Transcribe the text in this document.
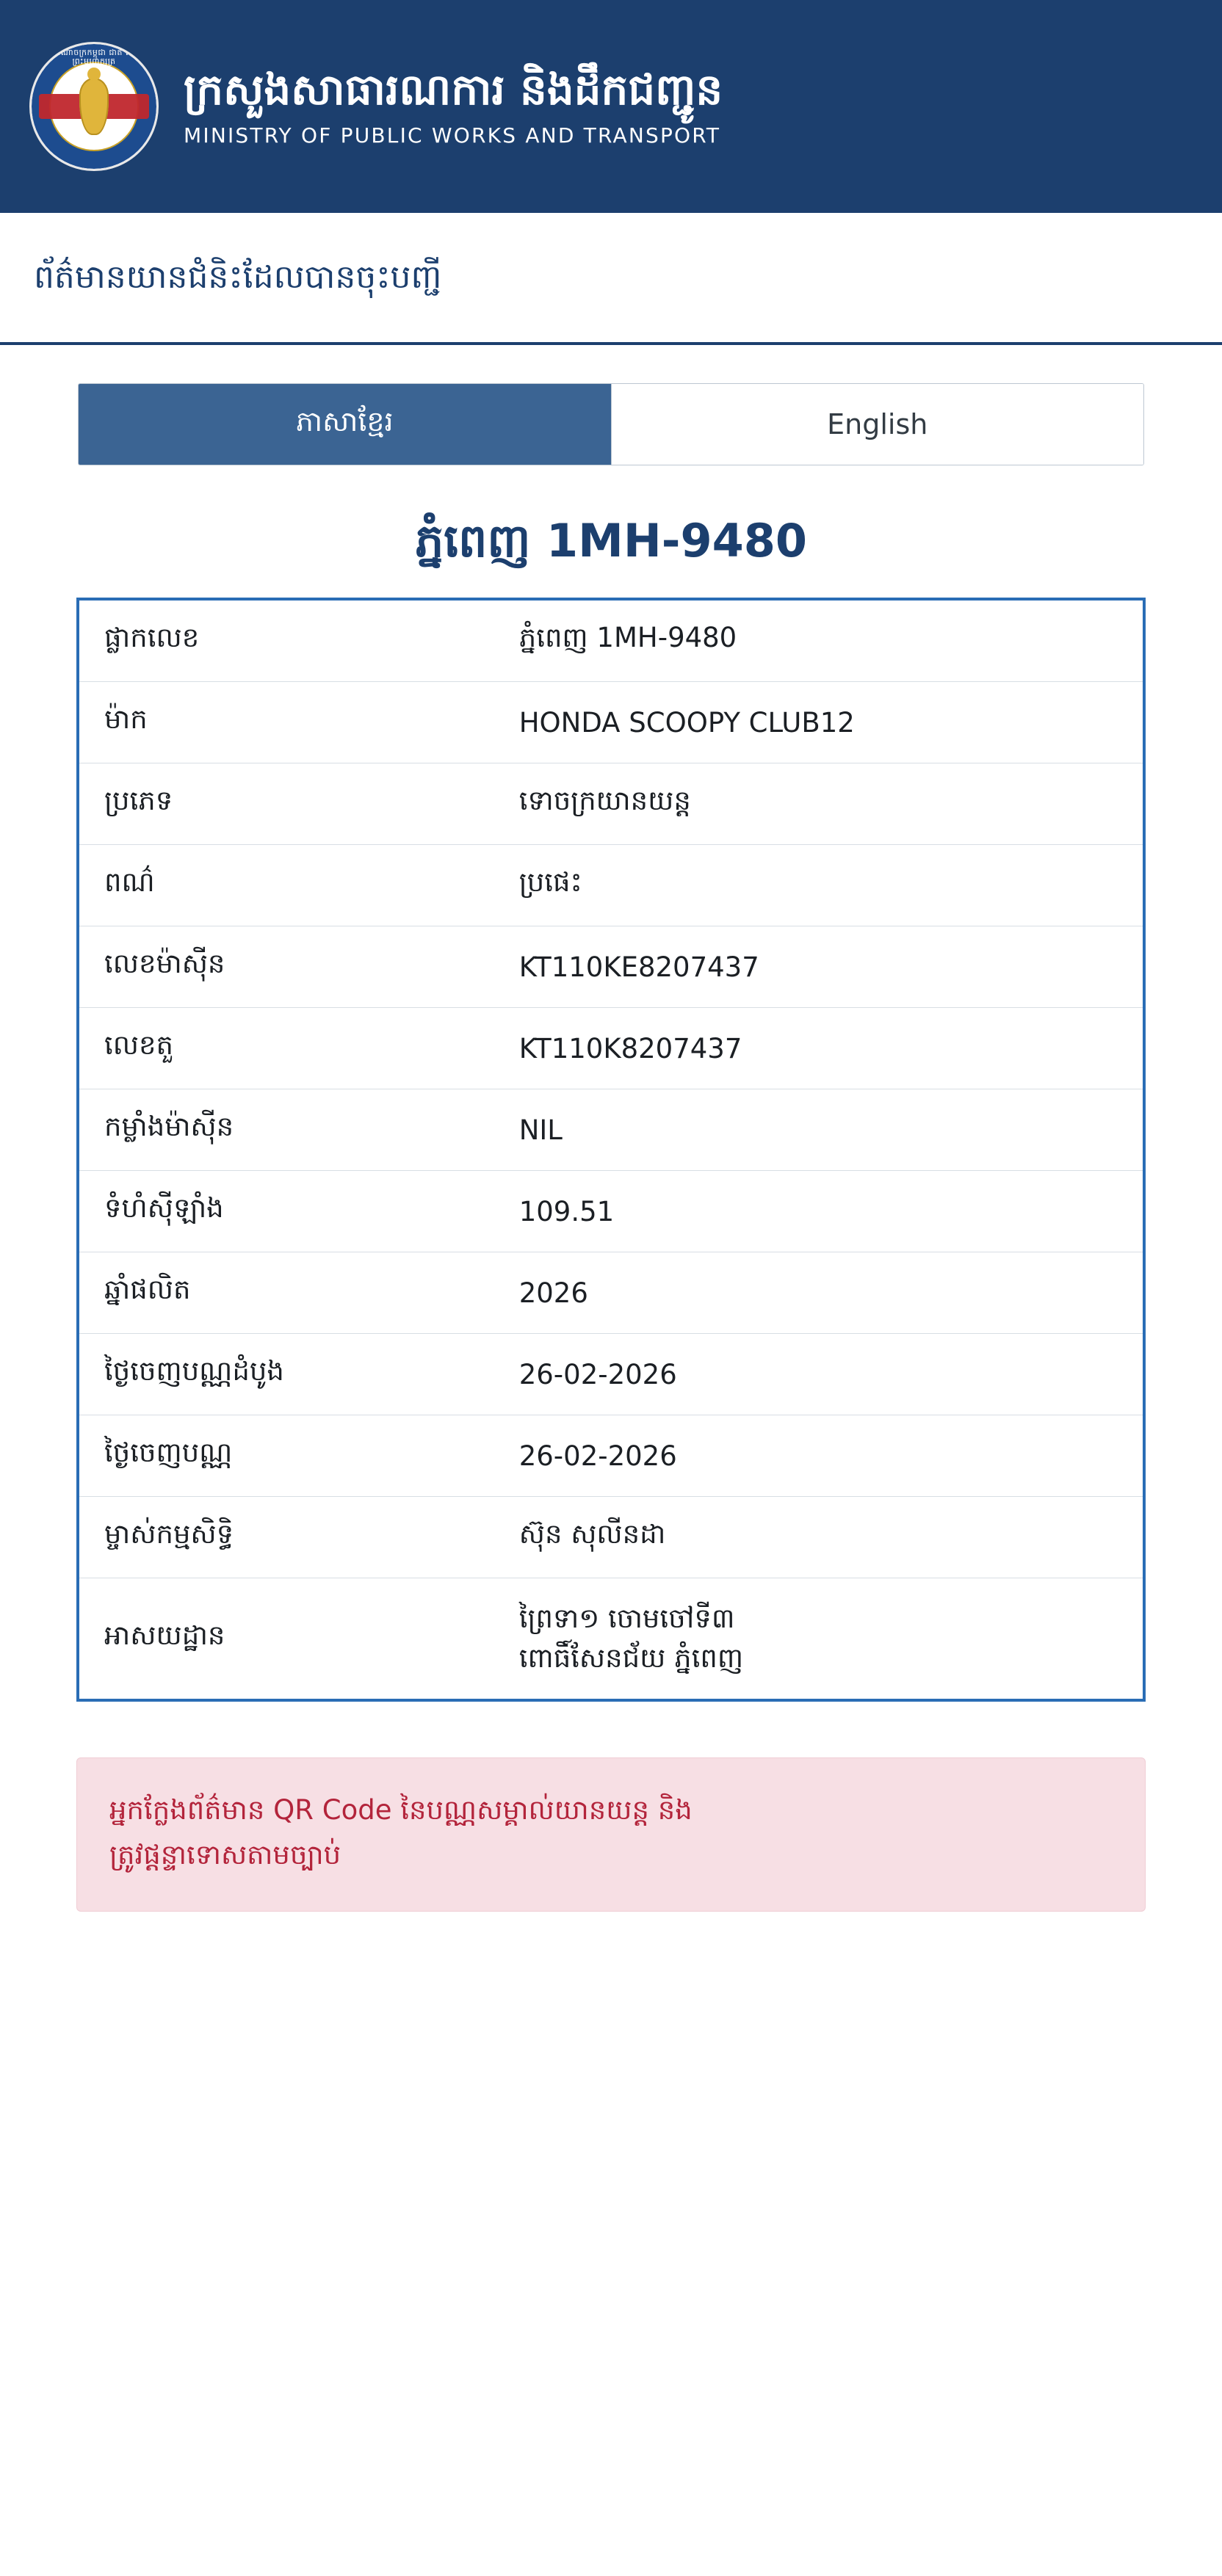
ព្រះរាជាណាចក្រកម្ពុជា ជាតិ សាសនា ព្រះមហាក្សត្រ
ក្រសួងសាធារណការ និងដឹកជញ្ជូន
MINISTRY OF PUBLIC WORKS AND TRANSPORT
ព័ត៌មានយានជំនិះដែលបានចុះបញ្ជី
ភាសាខ្មែរ	English
ភ្នំពេញ 1MH-9480
ផ្លាកលេខ	ភ្នំពេញ 1MH-9480
ម៉ាក	HONDA SCOOPY CLUB12
ប្រភេទ	ទោចក្រយានយន្ត
ពណ៌	ប្រផេះ
លេខម៉ាស៊ីន	KT110KE8207437
លេខតួ	KT110K8207437
កម្លាំងម៉ាស៊ីន	NIL
ទំហំស៊ីឡាំង	109.51
ឆ្នាំផលិត	2026
ថ្ងៃចេញបណ្ណដំបូង	26-02-2026
ថ្ងៃចេញបណ្ណ	26-02-2026
ម្ចាស់កម្មសិទ្ធិ	ស៊ុន សុលីនដា
អាសយដ្ឋាន	ព្រៃទា១ ចោមចៅទី៣
ពោធិ៍សែនជ័យ ភ្នំពេញ
អ្នកក្លែងព័ត៌មាន QR Code នៃបណ្ណសម្គាល់យានយន្ត និង
ត្រូវផ្តន្ទាទោសតាមច្បាប់
